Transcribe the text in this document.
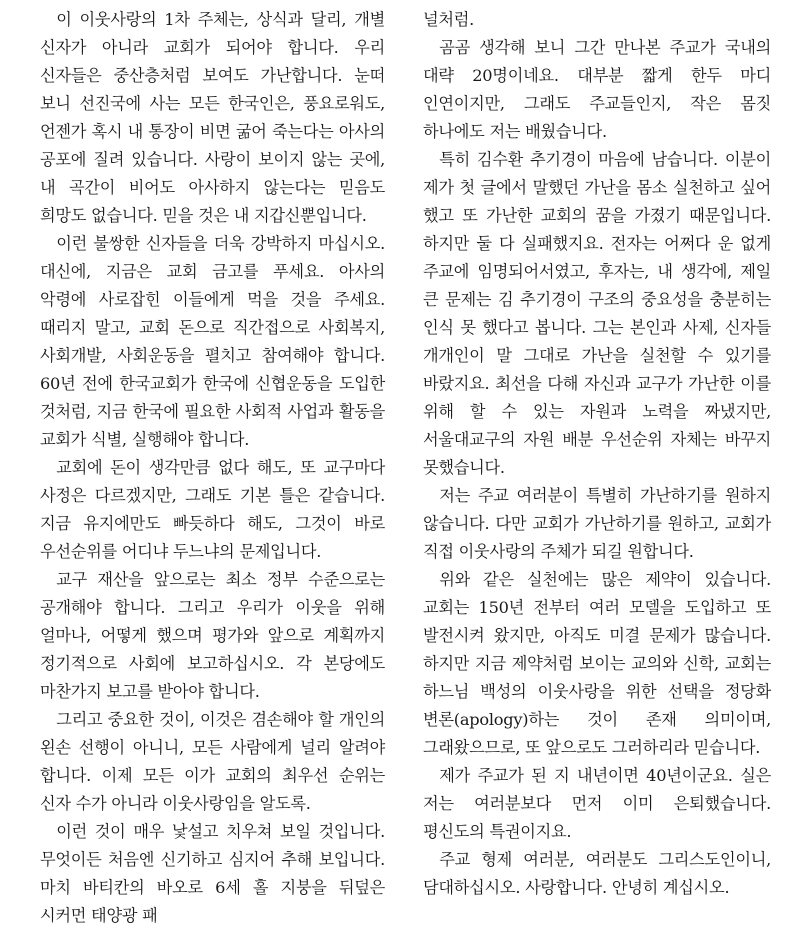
이 이웃사랑의 1차 주체는, 상식과 달리, 개별 신자가 아니라 교회가 되어야 합니다. 우리 신자들은 중산층처럼 보여도 가난합니다. 눈떠 보니 선진국에 사는 모든 한국인은, 풍요로워도, 언젠가 혹시 내 통장이 비면 굶어 죽는다는 아사의 공포에 질려 있습니다. 사랑이 보이지 않는 곳에, 내 곡간이 비어도 아사하지 않는다는 믿음도 희망도 없습니다. 믿을 것은 내 지갑신뿐입니다.

이런 불쌍한 신자들을 더욱 강박하지 마십시오. 대신에, 지금은 교회 금고를 푸세요. 아사의 악령에 사로잡힌 이들에게 먹을 것을 주세요. 때리지 말고, 교회 돈으로 직간접으로 사회복지, 사회개발, 사회운동을 펼치고 참여해야 합니다. 60년 전에 한국교회가 한국에 신협운동을 도입한 것처럼, 지금 한국에 필요한 사회적 사업과 활동을 교회가 식별, 실행해야 합니다.

교회에 돈이 생각만큼 없다 해도, 또 교구마다 사정은 다르겠지만, 그래도 기본 틀은 같습니다. 지금 유지에만도 빠듯하다 해도, 그것이 바로 우선순위를 어디냐 두느냐의 문제입니다.

교구 재산을 앞으로는 최소 정부 수준으로는 공개해야 합니다. 그리고 우리가 이웃을 위해 얼마나, 어떻게 했으며 평가와 앞으로 계획까지 정기적으로 사회에 보고하십시오. 각 본당에도 마찬가지 보고를 받아야 합니다.

그리고 중요한 것이, 이것은 겸손해야 할 개인의 왼손 선행이 아니니, 모든 사람에게 널리 알려야 합니다. 이제 모든 이가 교회의 최우선 순위는 신자 수가 아니라 이웃사랑임을 알도록.

이런 것이 매우 낯설고 치우쳐 보일 것입니다. 무엇이든 처음엔 신기하고 심지어 추해 보입니다. 마치 바티칸의 바오로 6세 홀 지붕을 뒤덮은 시커먼 태양광 패

널처럼.

곰곰 생각해 보니 그간 만나본 주교가 국내의 대략 20명이네요. 대부분 짧게 한두 마디 인연이지만, 그래도 주교들인지, 작은 몸짓 하나에도 저는 배웠습니다.

특히 김수환 추기경이 마음에 남습니다. 이분이 제가 첫 글에서 말했던 가난을 몸소 실천하고 싶어 했고 또 가난한 교회의 꿈을 가졌기 때문입니다. 하지만 둘 다 실패했지요. 전자는 어쩌다 운 없게 주교에 임명되어서였고, 후자는, 내 생각에, 제일 큰 문제는 김 추기경이 구조의 중요성을 충분히는 인식 못 했다고 봅니다. 그는 본인과 사제, 신자들 개개인이 말 그대로 가난을 실천할 수 있기를 바랐지요. 최선을 다해 자신과 교구가 가난한 이를 위해 할 수 있는 자원과 노력을 짜냈지만, 서울대교구의 자원 배분 우선순위 자체는 바꾸지 못했습니다.

저는 주교 여러분이 특별히 가난하기를 원하지 않습니다. 다만 교회가 가난하기를 원하고, 교회가 직접 이웃사랑의 주체가 되길 원합니다.

위와 같은 실천에는 많은 제약이 있습니다. 교회는 150년 전부터 여러 모델을 도입하고 또 발전시켜 왔지만, 아직도 미결 문제가 많습니다. 하지만 지금 제약처럼 보이는 교의와 신학, 교회는 하느님 백성의 이웃사랑을 위한 선택을 정당화 변론(apology)하는 것이 존재 의미이며, 그래왔으므로, 또 앞으로도 그러하리라 믿습니다.

제가 주교가 된 지 내년이면 40년이군요. 실은 저는 여러분보다 먼저 이미 은퇴했습니다. 평신도의 특권이지요.

주교 형제 여러분, 여러분도 그리스도인이니, 담대하십시오. 사랑합니다. 안녕히 계십시오.
